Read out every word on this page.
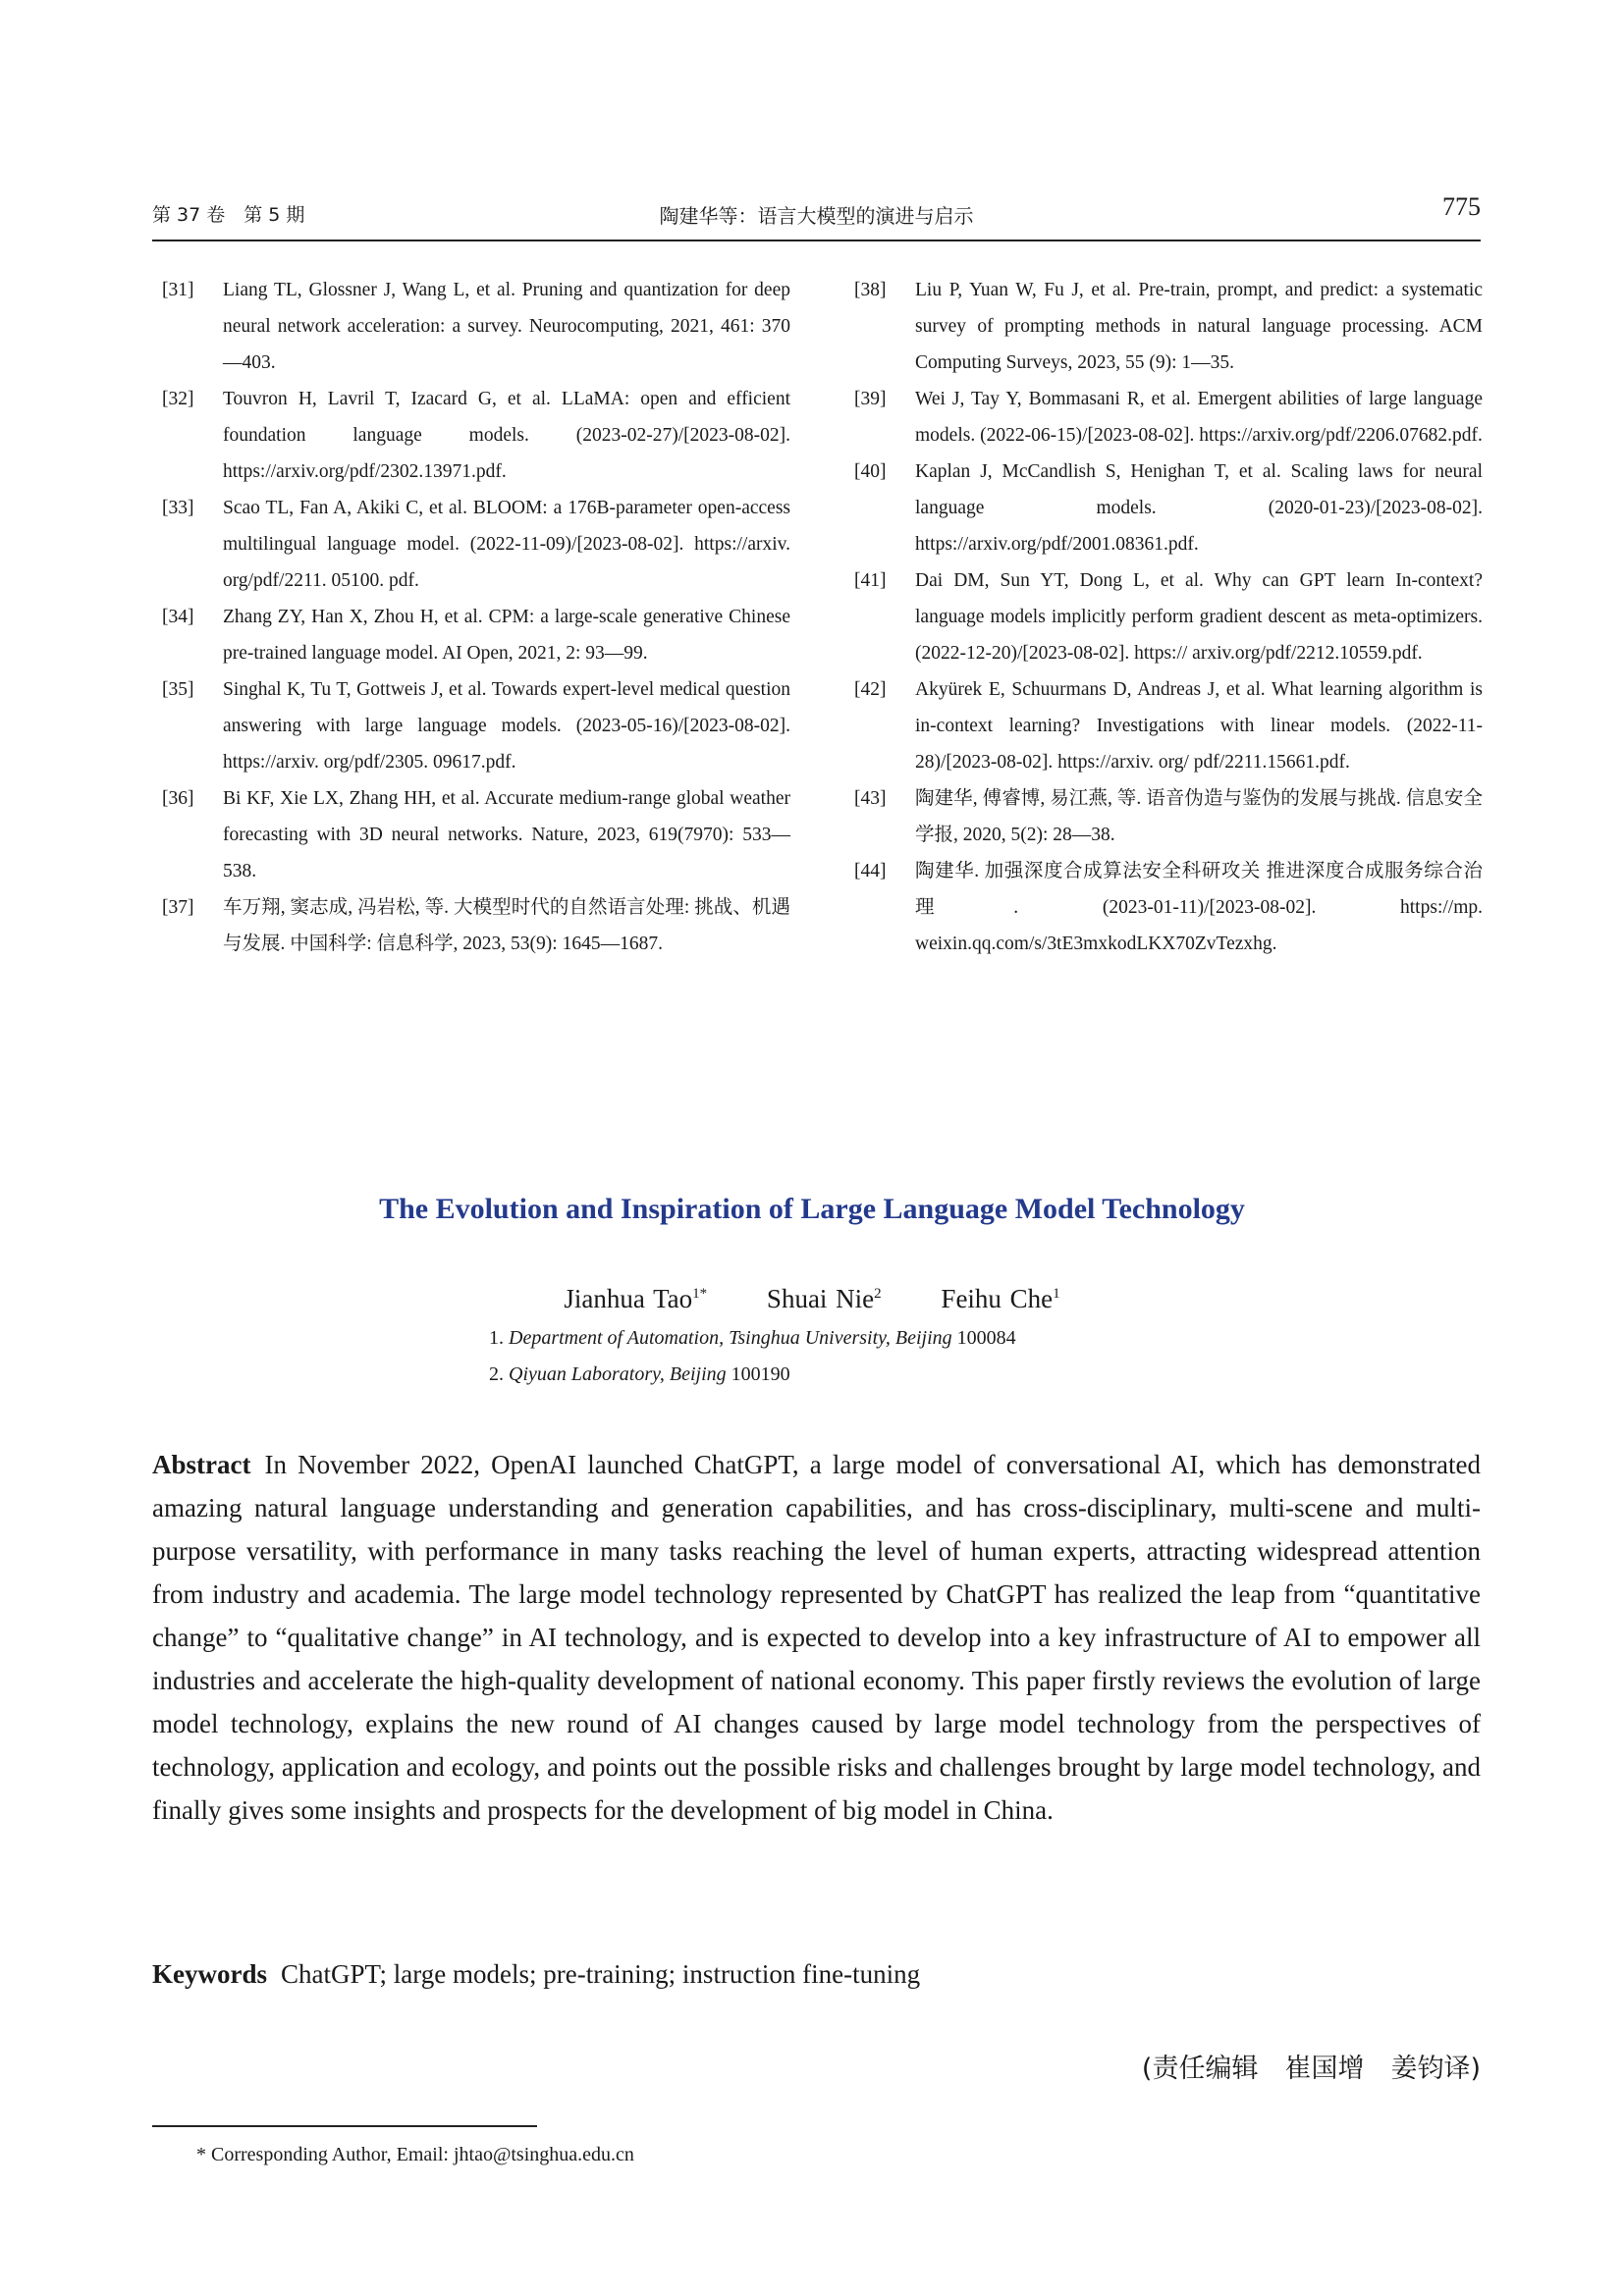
第 37 卷　第 5 期	陶建华等：语言大模型的演进与启示	775
[31]	Liang TL, Glossner J, Wang L, et al. Pruning and quantization for deep neural network acceleration: a survey. Neurocomputing, 2021, 461: 370—403.
[32]	Touvron H, Lavril T, Izacard G, et al. LLaMA: open and efficient foundation language models. (2023-02-27)/[2023-08-02]. https://arxiv.org/pdf/2302.13971.pdf.
[33]	Scao TL, Fan A, Akiki C, et al. BLOOM: a 176B-parameter open-access multilingual language model. (2022-11-09)/[2023-08-02]. https://arxiv. org/pdf/2211. 05100. pdf.
[34]	Zhang ZY, Han X, Zhou H, et al. CPM: a large-scale generative Chinese pre-trained language model. AI Open, 2021, 2: 93—99.
[35]	Singhal K, Tu T, Gottweis J, et al. Towards expert-level medical question answering with large language models. (2023-05-16)/[2023-08-02]. https://arxiv. org/pdf/2305. 09617.pdf.
[36]	Bi KF, Xie LX, Zhang HH, et al. Accurate medium-range global weather forecasting with 3D neural networks. Nature, 2023, 619(7970): 533—538.
[37]	车万翔, 窦志成, 冯岩松, 等. 大模型时代的自然语言处理: 挑战、机遇与发展. 中国科学: 信息科学, 2023, 53(9): 1645—1687.
[38]	Liu P, Yuan W, Fu J, et al. Pre-train, prompt, and predict: a systematic survey of prompting methods in natural language processing. ACM Computing Surveys, 2023, 55 (9): 1—35.
[39]	Wei J, Tay Y, Bommasani R, et al. Emergent abilities of large language models. (2022-06-15)/[2023-08-02]. https://arxiv.org/pdf/2206.07682.pdf.
[40]	Kaplan J, McCandlish S, Henighan T, et al. Scaling laws for neural language models. (2020-01-23)/[2023-08-02]. https://arxiv.org/pdf/2001.08361.pdf.
[41]	Dai DM, Sun YT, Dong L, et al. Why can GPT learn In-context? language models implicitly perform gradient descent as meta-optimizers. (2022-12-20)/[2023-08-02]. https:// arxiv.org/pdf/2212.10559.pdf.
[42]	Akyürek E, Schuurmans D, Andreas J, et al. What learning algorithm is in-context learning? Investigations with linear models. (2022-11-28)/[2023-08-02]. https://arxiv. org/ pdf/2211.15661.pdf.
[43]	陶建华, 傅睿博, 易江燕, 等. 语音伪造与鉴伪的发展与挑战. 信息安全学报, 2020, 5(2): 28—38.
[44]	陶建华. 加强深度合成算法安全科研攻关 推进深度合成服务综合治理. (2023-01-11)/[2023-08-02]. https://mp. weixin.qq.com/s/3tE3mxkodLKX70ZvTezxhg.
The Evolution and Inspiration of Large Language Model Technology
Jianhua Tao$^{1*}$ Shuai Nie$^2$ Feihu Che$^1$
1. Department of Automation, Tsinghua University, Beijing 100084
2. Qiyuan Laboratory, Beijing 100190

Abstract In November 2022, OpenAI launched ChatGPT, a large model of conversational AI, which has demonstrated amazing natural language understanding and generation capabilities, and has cross-disciplinary, multi-scene and multi-purpose versatility, with performance in many tasks reaching the level of human experts, attracting widespread attention from industry and academia. The large model technology represented by ChatGPT has realized the leap from “quantitative change” to “qualitative change” in AI technology, and is expected to develop into a key infrastructure of AI to empower all industries and accelerate the high-quality development of national economy. This paper firstly reviews the evolution of large model technology, explains the new round of AI changes caused by large model technology from the perspectives of technology, application and ecology, and points out the possible risks and challenges brought by large model technology, and finally gives some insights and prospects for the development of big model in China.

Keywords ChatGPT; large models; pre-training; instruction fine-tuning
(责任编辑　崔国增　姜钧译)
* Corresponding Author, Email: jhtao@tsinghua.edu.cn
